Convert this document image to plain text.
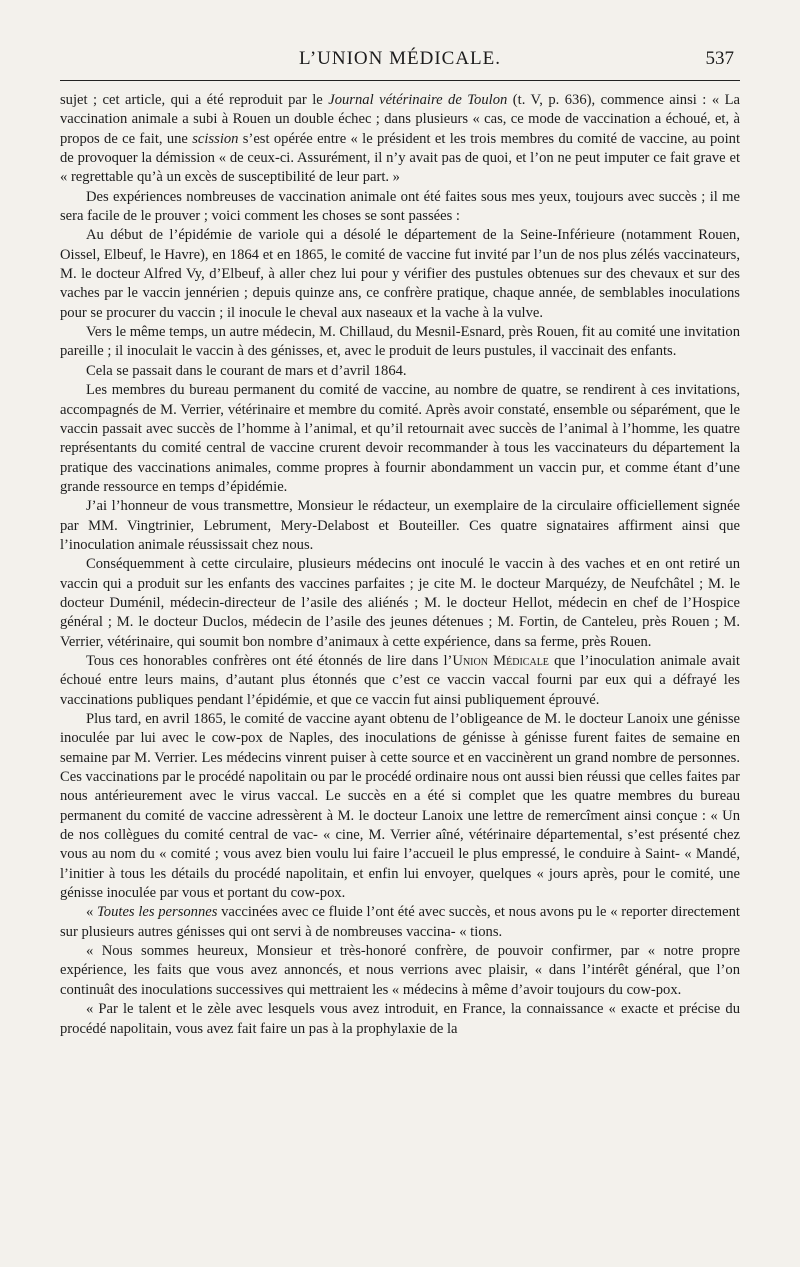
L’UNION MÉDICALE.	537

sujet ; cet article, qui a été reproduit par le Journal vétérinaire de Toulon (t. V, p. 636), commence ainsi : « La vaccination animale a subi à Rouen un double échec ; dans plusieurs « cas, ce mode de vaccination a échoué, et, à propos de ce fait, une scission s’est opérée entre « le président et les trois membres du comité de vaccine, au point de provoquer la démission « de ceux-ci. Assurément, il n’y avait pas de quoi, et l’on ne peut imputer ce fait grave et « regrettable qu’à un excès de susceptibilité de leur part. »

Des expériences nombreuses de vaccination animale ont été faites sous mes yeux, toujours avec succès ; il me sera facile de le prouver ; voici comment les choses se sont passées :

Au début de l’épidémie de variole qui a désolé le département de la Seine-Inférieure (notamment Rouen, Oissel, Elbeuf, le Havre), en 1864 et en 1865, le comité de vaccine fut invité par l’un de nos plus zélés vaccinateurs, M. le docteur Alfred Vy, d’Elbeuf, à aller chez lui pour y vérifier des pustules obtenues sur des chevaux et sur des vaches par le vaccin jennérien ; depuis quinze ans, ce confrère pratique, chaque année, de semblables inoculations pour se procurer du vaccin ; il inocule le cheval aux naseaux et la vache à la vulve.

Vers le même temps, un autre médecin, M. Chillaud, du Mesnil-Esnard, près Rouen, fit au comité une invitation pareille ; il inoculait le vaccin à des génisses, et, avec le produit de leurs pustules, il vaccinait des enfants.

Cela se passait dans le courant de mars et d’avril 1864.

Les membres du bureau permanent du comité de vaccine, au nombre de quatre, se rendirent à ces invitations, accompagnés de M. Verrier, vétérinaire et membre du comité. Après avoir constaté, ensemble ou séparément, que le vaccin passait avec succès de l’homme à l’animal, et qu’il retournait avec succès de l’animal à l’homme, les quatre représentants du comité central de vaccine crurent devoir recommander à tous les vaccinateurs du département la pratique des vaccinations animales, comme propres à fournir abondamment un vaccin pur, et comme étant d’une grande ressource en temps d’épidémie.

J’ai l’honneur de vous transmettre, Monsieur le rédacteur, un exemplaire de la circulaire officiellement signée par MM. Vingtrinier, Lebrument, Mery-Delabost et Bouteiller. Ces quatre signataires affirment ainsi que l’inoculation animale réussissait chez nous.

Conséquemment à cette circulaire, plusieurs médecins ont inoculé le vaccin à des vaches et en ont retiré un vaccin qui a produit sur les enfants des vaccines parfaites ; je cite M. le docteur Marquézy, de Neufchâtel ; M. le docteur Duménil, médecin-directeur de l’asile des aliénés ; M. le docteur Hellot, médecin en chef de l’Hospice général ; M. le docteur Duclos, médecin de l’asile des jeunes détenues ; M. Fortin, de Canteleu, près Rouen ; M. Verrier, vétérinaire, qui soumit bon nombre d’animaux à cette expérience, dans sa ferme, près Rouen.

Tous ces honorables confrères ont été étonnés de lire dans l’Union Médicale que l’inoculation animale avait échoué entre leurs mains, d’autant plus étonnés que c’est ce vaccin vaccal fourni par eux qui a défrayé les vaccinations publiques pendant l’épidémie, et que ce vaccin fut ainsi publiquement éprouvé.

Plus tard, en avril 1865, le comité de vaccine ayant obtenu de l’obligeance de M. le docteur Lanoix une génisse inoculée par lui avec le cow-pox de Naples, des inoculations de génisse à génisse furent faites de semaine en semaine par M. Verrier. Les médecins vinrent puiser à cette source et en vaccinèrent un grand nombre de personnes. Ces vaccinations par le procédé napolitain ou par le procédé ordinaire nous ont aussi bien réussi que celles faites par nous antérieurement avec le virus vaccal. Le succès en a été si complet que les quatre membres du bureau permanent du comité de vaccine adressèrent à M. le docteur Lanoix une lettre de remercîment ainsi conçue : « Un de nos collègues du comité central de vac- « cine, M. Verrier aîné, vétérinaire départemental, s’est présenté chez vous au nom du « comité ; vous avez bien voulu lui faire l’accueil le plus empressé, le conduire à Saint- « Mandé, l’initier à tous les détails du procédé napolitain, et enfin lui envoyer, quelques « jours après, pour le comité, une génisse inoculée par vous et portant du cow-pox.

« Toutes les personnes vaccinées avec ce fluide l’ont été avec succès, et nous avons pu le « reporter directement sur plusieurs autres génisses qui ont servi à de nombreuses vaccina- « tions.

« Nous sommes heureux, Monsieur et très-honoré confrère, de pouvoir confirmer, par « notre propre expérience, les faits que vous avez annoncés, et nous verrions avec plaisir, « dans l’intérêt général, que l’on continuât des inoculations successives qui mettraient les « médecins à même d’avoir toujours du cow-pox.

« Par le talent et le zèle avec lesquels vous avez introduit, en France, la connaissance « exacte et précise du procédé napolitain, vous avez fait faire un pas à la prophylaxie de la
